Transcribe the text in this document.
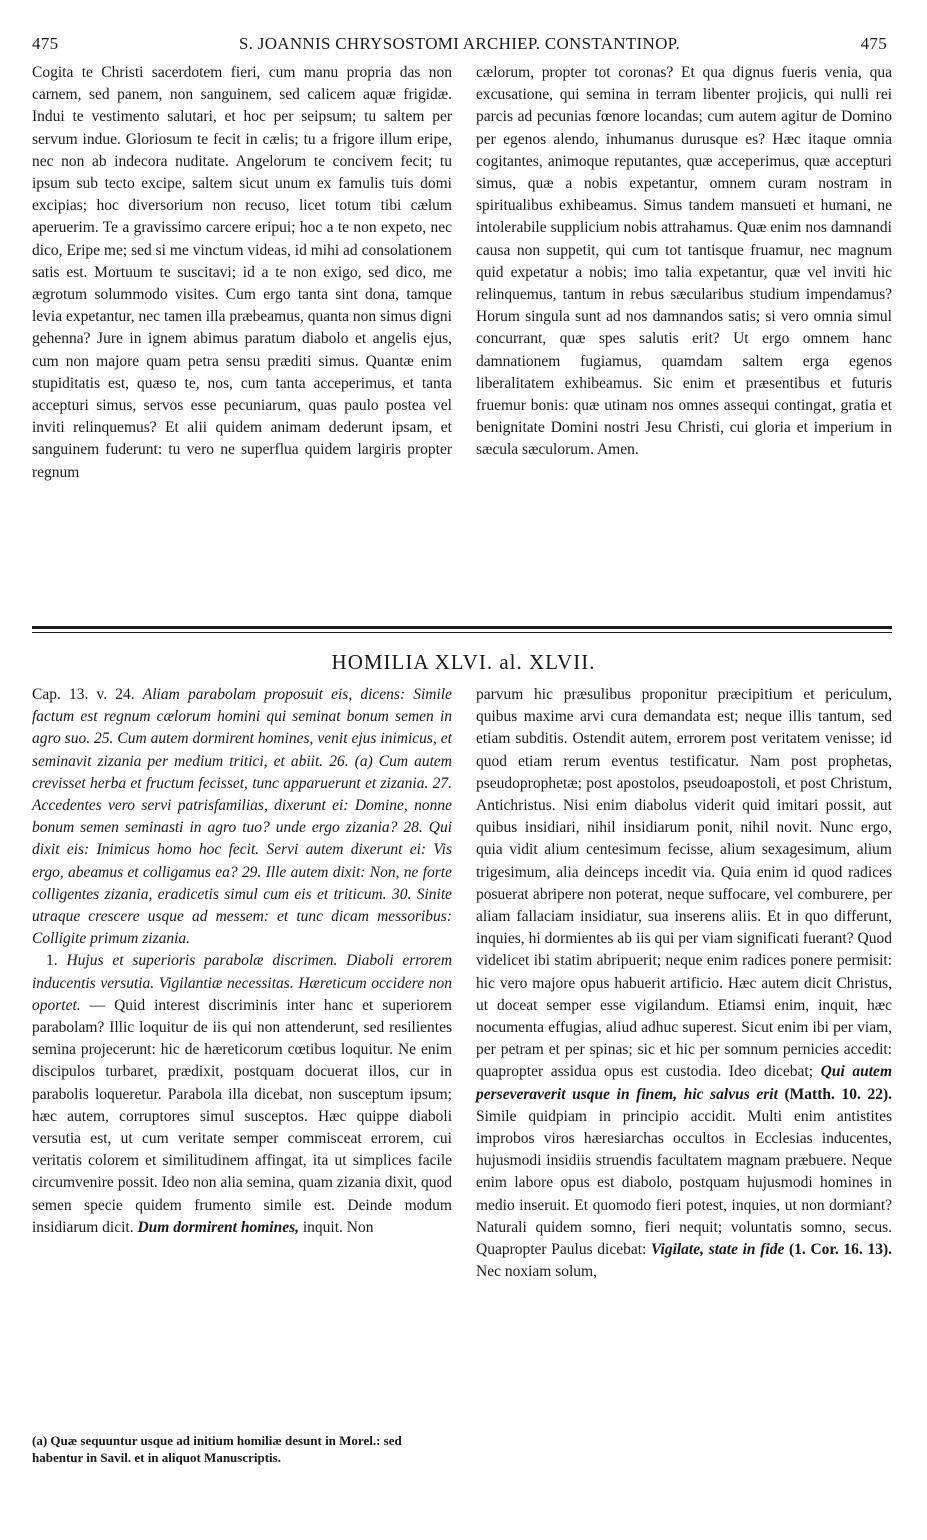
475	S. JOANNIS CHRYSOSTOMI ARCHIEP. CONSTANTINOP.	475

Cogita te Christi sacerdotem fieri, cum manu propria das non carnem, sed panem, non sanguinem, sed calicem aquæ frigidæ. Indui te vestimento salutari, et hoc per seipsum; tu saltem per servum indue. Gloriosum te fecit in cælis; tu a frigore illum eripe, nec non ab indecora nuditate. Angelorum te concivem fecit; tu ipsum sub tecto excipe, saltem sicut unum ex famulis tuis domi excipias; hoc diversorium non recuso, licet totum tibi cælum aperuerim. Te a gravissimo carcere eripui; hoc a te non expeto, nec dico, Eripe me; sed si me vinctum videas, id mihi ad consolationem satis est. Mortuum te suscitavi; id a te non exigo, sed dico, me ægrotum solummodo visites. Cum ergo tanta sint dona, tamque levia expetantur, nec tamen illa præbeamus, quanta non simus digni gehenna? Jure in ignem abimus paratum diabolo et angelis ejus, cum non majore quam petra sensu præditi simus. Quantæ enim stupiditatis est, quæso te, nos, cum tanta acceperimus, et tanta accepturi simus, servos esse pecuniarum, quas paulo postea vel inviti relinquemus? Et alii quidem animam dederunt ipsam, et sanguinem fuderunt: tu vero ne superflua quidem largiris propter regnum

cælorum, propter tot coronas? Et qua dignus fueris venia, qua excusatione, qui semina in terram libenter projicis, qui nulli rei parcis ad pecunias fœnore locandas; cum autem agitur de Domino per egenos alendo, inhumanus durusque es? Hæc itaque omnia cogitantes, animoque reputantes, quæ acceperimus, quæ accepturi simus, quæ a nobis expetantur, omnem curam nostram in spiritualibus exhibeamus. Simus tandem mansueti et humani, ne intolerabile supplicium nobis attrahamus. Quæ enim nos damnandi causa non suppetit, qui cum tot tantisque fruamur, nec magnum quid expetatur a nobis; imo talia expetantur, quæ vel inviti hic relinquemus, tantum in rebus sæcularibus studium impendamus? Horum singula sunt ad nos damnandos satis; si vero omnia simul concurrant, quæ spes salutis erit? Ut ergo omnem hanc damnationem fugiamus, quamdam saltem erga egenos liberalitatem exhibeamus. Sic enim et præsentibus et futuris fruemur bonis: quæ utinam nos omnes assequi contingat, gratia et benignitate Domini nostri Jesu Christi, cui gloria et imperium in sæcula sæculorum. Amen.

HOMILIA XLVI. al. XLVII.

Cap. 13. v. 24. Aliam parabolam proposuit eis, dicens: Simile factum est regnum cælorum homini qui seminat bonum semen in agro suo. 25. Cum autem dormirent homines, venit ejus inimicus, et seminavit zizania per medium tritici, et abiit. 26. (a) Cum autem crevisset herba et fructum fecisset, tunc apparuerunt et zizania. 27. Accedentes vero servi patrisfamilias, dixerunt ei: Domine, nonne bonum semen seminasti in agro tuo? unde ergo zizania? 28. Qui dixit eis: Inimicus homo hoc fecit. Servi autem dixerunt ei: Vis ergo, abeamus et colligamus ea? 29. Ille autem dixit: Non, ne forte colligentes zizania, eradicetis simul cum eis et triticum. 30. Sinite utraque crescere usque ad messem: et tunc dicam messoribus: Colligite primum zizania.

1. Hujus et superioris parabolæ discrimen. Diaboli errorem inducentis versutia. Vigilantiæ necessitas. Hæreticum occidere non oportet. — Quid interest discriminis inter hanc et superiorem parabolam? Illic loquitur de iis qui non attenderunt, sed resilientes semina projecerunt: hic de hæreticorum cœtibus loquitur. Ne enim discipulos turbaret, prædixit, postquam docuerat illos, cur in parabolis loqueretur. Parabola illa dicebat, non susceptum ipsum; hæc autem, corruptores simul susceptos. Hæc quippe diaboli versutia est, ut cum veritate semper commisceat errorem, cui veritatis colorem et similitudinem affingat, ita ut simplices facile circumvenire possit. Ideo non alia semina, quam zizania dixit, quod semen specie quidem frumento simile est. Deinde modum insidiarum dicit. Dum dormirent homines, inquit. Non

(a) Quæ sequuntur usque ad initium homiliæ desunt in Morel.: sed habentur in Savil. et in aliquot Manuscriptis.

parvum hic præsulibus proponitur præcipitium et periculum, quibus maxime arvi cura demandata est; neque illis tantum, sed etiam subditis. Ostendit autem, errorem post veritatem venisse; id quod etiam rerum eventus testificatur. Nam post prophetas, pseudoprophetæ; post apostolos, pseudoapostoli, et post Christum, Antichristus. Nisi enim diabolus viderit quid imitari possit, aut quibus insidiari, nihil insidiarum ponit, nihil novit. Nunc ergo, quia vidit alium centesimum fecisse, alium sexagesimum, alium trigesimum, alia deinceps incedit via. Quia enim id quod radices posuerat abripere non poterat, neque suffocare, vel comburere, per aliam fallaciam insidiatur, sua inserens aliis. Et in quo differunt, inquies, hi dormientes ab iis qui per viam significati fuerant? Quod videlicet ibi statim abripuerit; neque enim radices ponere permisit: hic vero majore opus habuerit artificio. Hæc autem dicit Christus, ut doceat semper esse vigilandum. Etiamsi enim, inquit, hæc nocumenta effugias, aliud adhuc superest. Sicut enim ibi per viam, per petram et per spinas; sic et hic per somnum pernicies accedit: quapropter assidua opus est custodia. Ideo dicebat; Qui autem perseveraverit usque in finem, hic salvus erit (Matth. 10. 22). Simile quidpiam in principio accidit. Multi enim antistites improbos viros hæresiarchas occultos in Ecclesias inducentes, hujusmodi insidiis struendis facultatem magnam præbuere. Neque enim labore opus est diabolo, postquam hujusmodi homines in medio inseruit. Et quomodo fieri potest, inquies, ut non dormiant? Naturali quidem somno, fieri nequit; voluntatis somno, secus. Quapropter Paulus dicebat: Vigilate, state in fide (1. Cor. 16. 13). Nec noxiam solum,
